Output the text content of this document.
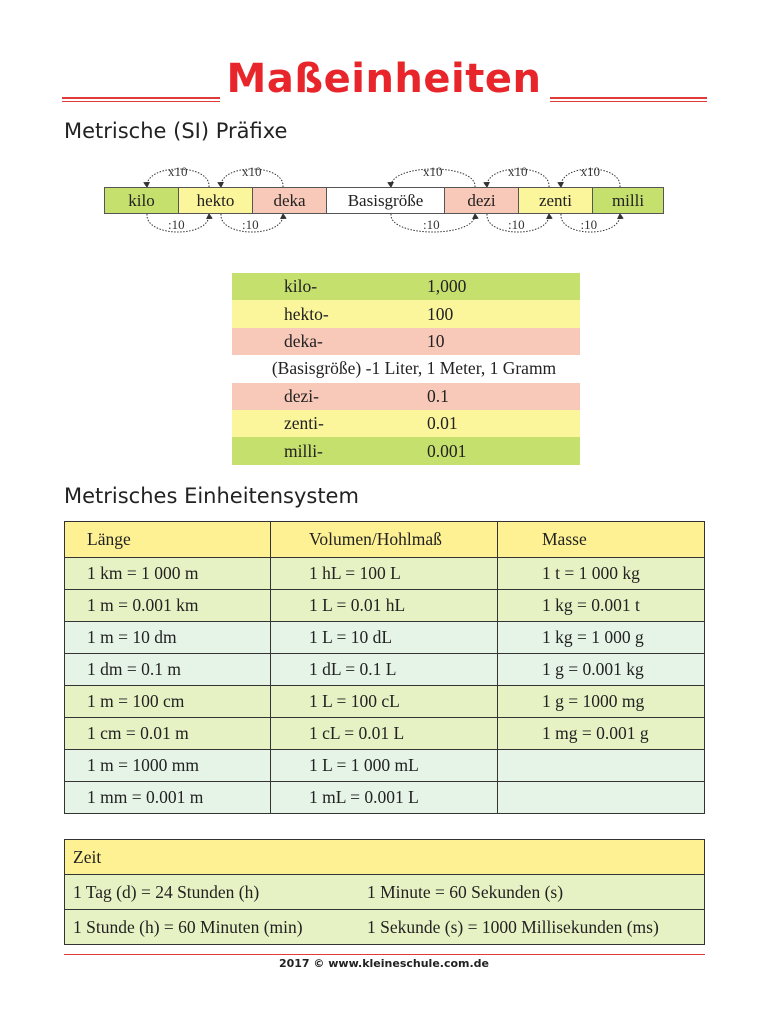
Maßeinheiten
Metrische (SI) Präfixe
x10
:10
x10
:10
x10
:10
x10
:10
x10
:10
kilo	hekto	deka	Basisgröße	dezi	zenti	milli
kilo-	1,000
hekto-	100
deka-	10
(Basisgröße) -1 Liter, 1 Meter, 1 Gramm
dezi-	0.1
zenti-	0.01
milli-	0.001
Metrisches Einheitensystem
Länge	Volumen/Hohlmaß	Masse
1 km = 1 000 m	1 hL = 100 L	1 t = 1 000 kg
1 m = 0.001 km	1 L = 0.01 hL	1 kg = 0.001 t
1 m = 10 dm	1 L = 10 dL	1 kg = 1 000 g
1 dm = 0.1 m	1 dL = 0.1 L	1 g = 0.001 kg
1 m = 100 cm	1 L = 100 cL	1 g = 1000 mg
1 cm = 0.01 m	1 cL = 0.01 L	1 mg = 0.001 g
1 m = 1000 mm	1 L = 1 000 mL	
1 mm = 0.001 m	1 mL = 0.001 L	
Zeit	
1 Tag (d) = 24 Stunden (h)	1 Minute = 60 Sekunden (s)
1 Stunde (h) = 60 Minuten (min)	1 Sekunde (s) = 1000 Millisekunden (ms)
2017 © www.kleineschule.com.de
